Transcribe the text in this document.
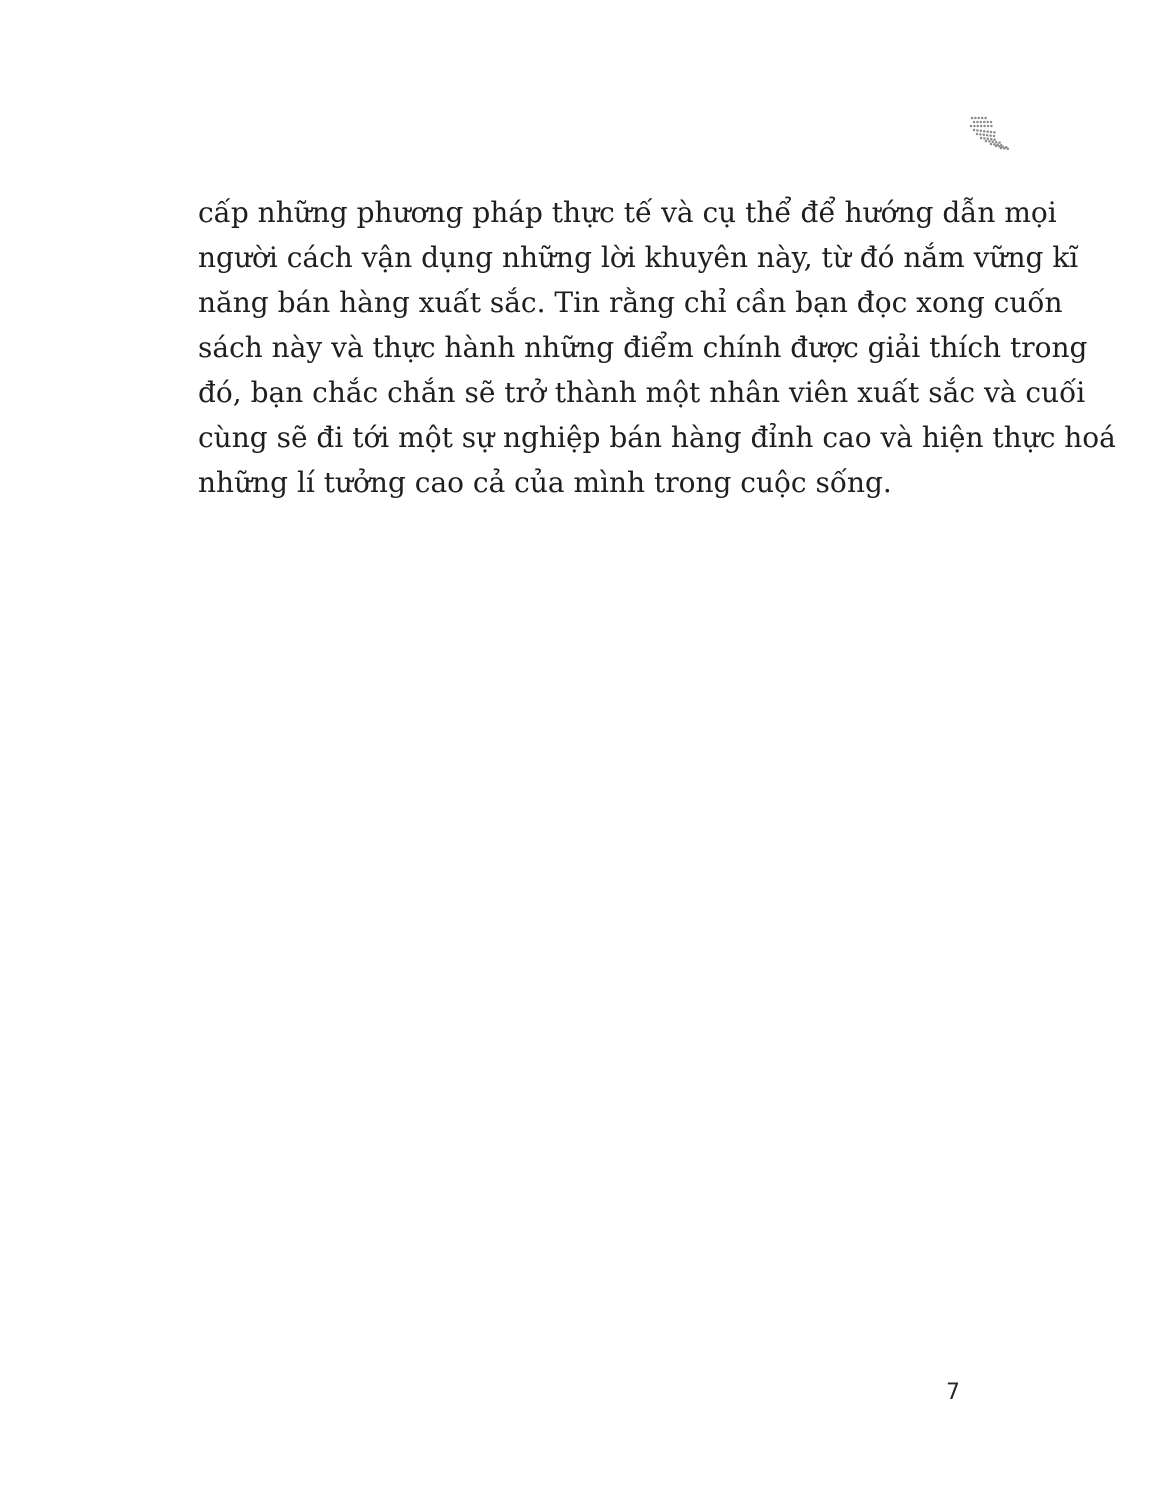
cấp những phương pháp thực tế và cụ thể để hướng dẫn mọi
người cách vận dụng những lời khuyên này, từ đó nắm vững kĩ
năng bán hàng xuất sắc. Tin rằng chỉ cần bạn đọc xong cuốn
sách này và thực hành những điểm chính được giải thích trong
đó, bạn chắc chắn sẽ trở thành một nhân viên xuất sắc và cuối
cùng sẽ đi tới một sự nghiệp bán hàng đỉnh cao và hiện thực hoá
những lí tưởng cao cả của mình trong cuộc sống.
7
